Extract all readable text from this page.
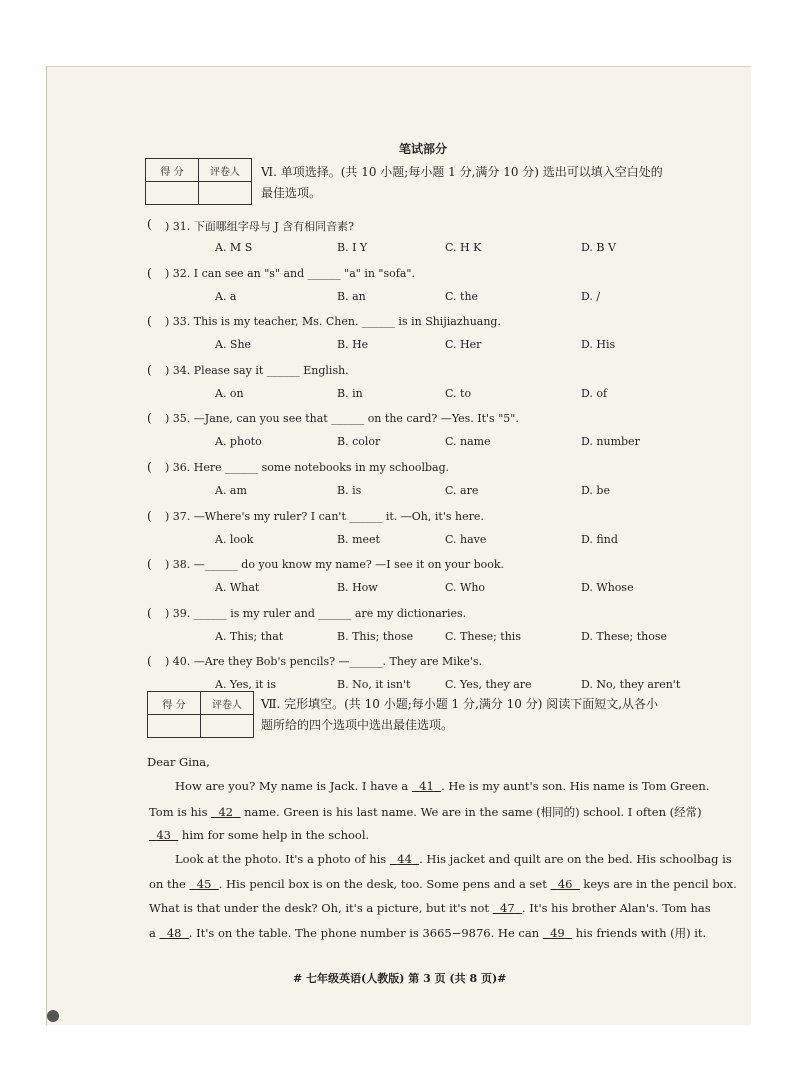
笔试部分
得 分	评卷人
	Ⅵ. 单项选择。(共 10 小题;每小题 1 分,满分 10 分) 选出可以填入空白处的
最佳选项。
( ) 31. 下面哪组字母与 J 含有相同音素?
A. M S	B. I Y	C. H K	D. B V
( ) 32. I can see an "s" and ______ "a" in "sofa".
A. a	B. an	C. the	D. /
( ) 33. This is my teacher, Ms. Chen. ______ is in Shijiazhuang.
A. She	B. He	C. Her	D. His
( ) 34. Please say it ______ English.
A. on	B. in	C. to	D. of
( ) 35. —Jane, can you see that ______ on the card? —Yes. It's "5".
A. photo	B. color	C. name	D. number
( ) 36. Here ______ some notebooks in my schoolbag.
A. am	B. is	C. are	D. be
( ) 37. —Where's my ruler? I can't ______ it. —Oh, it's here.
A. look	B. meet	C. have	D. find
( ) 38. —______ do you know my name? —I see it on your book.
A. What	B. How	C. Who	D. Whose
( ) 39. ______ is my ruler and ______ are my dictionaries.
A. This; that	B. This; those	C. These; this	D. These; those
( ) 40. —Are they Bob's pencils? —______. They are Mike's.
A. Yes, it is	B. No, it isn't	C. Yes, they are	D. No, they aren't
得 分	评卷人
	Ⅶ. 完形填空。(共 10 小题;每小题 1 分,满分 10 分) 阅读下面短文,从各小
题所给的四个选项中选出最佳选项。
Dear Gina,
How are you? My name is Jack. I have a 41 . He is my aunt's son. His name is Tom Green.
Tom is his 42 name. Green is his last name. We are in the same (相同的) school. I often (经常)
43 him for some help in the school.
Look at the photo. It's a photo of his 44 . His jacket and quilt are on the bed. His schoolbag is
on the 45 . His pencil box is on the desk, too. Some pens and a set 46 keys are in the pencil box.
What is that under the desk? Oh, it's a picture, but it's not 47 . It's his brother Alan's. Tom has
a 48 . It's on the table. The phone number is 3665−9876. He can 49 his friends with (用) it.
# 七年级英语(人教版) 第 3 页 (共 8 页)#
